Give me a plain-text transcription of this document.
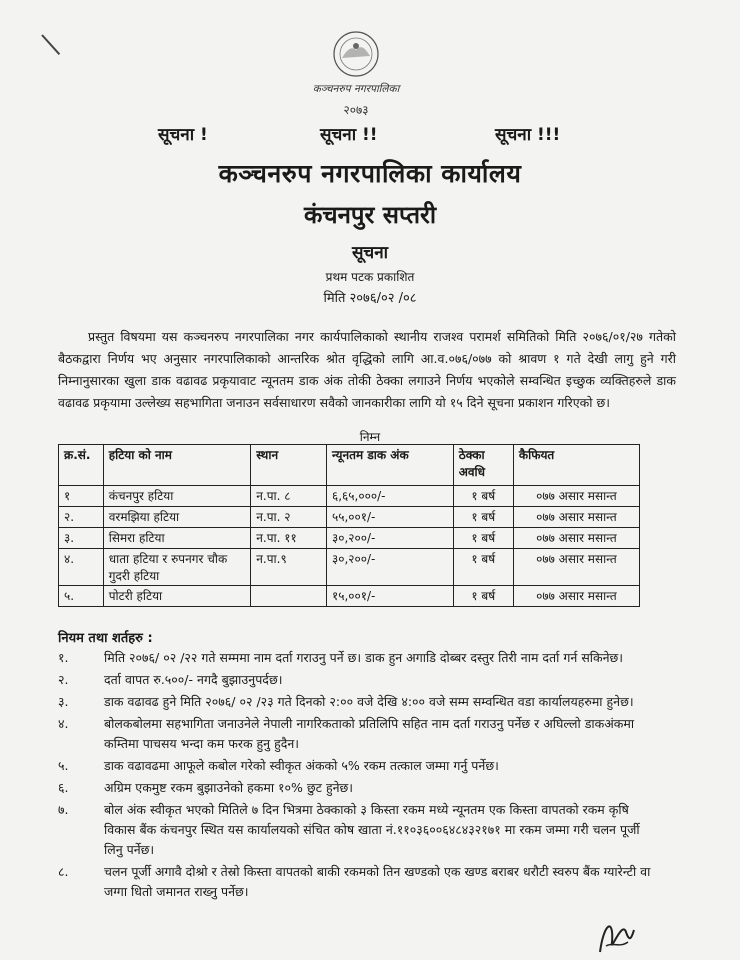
कञ्चनरुप नगरपालिका
२०७३
सूचना !	सूचना !!	सूचना !!!
कञ्चनरुप नगरपालिका कार्यालय
कंचनपुर सप्तरी
सूचना
प्रथम पटक प्रकाशित
मिति २०७६/०२ /०८
प्रस्तुत विषयमा यस कञ्चनरुप नगरपालिका नगर कार्यपालिकाको स्थानीय राजश्व परामर्श समितिको मिति २०७६/०१/२७ गतेको बैठकद्वारा निर्णय भए अनुसार नगरपालिकाको आन्तरिक श्रोत वृद्धिको लागि आ.व.०७६/०७७ को श्रावण १ गते देखी लागु हुने गरी निम्नानुसारका खुला डाक वढावढ प्रकृयावाट न्यूनतम डाक अंक तोकी ठेक्का लगाउने निर्णय भएकोले सम्वन्धित इच्छुक व्यक्तिहरुले डाक वढावढ प्रकृयामा उल्लेख्य सहभागिता जनाउन सर्वसाधारण सवैको जानकारीका लागि यो १५ दिने सूचना प्रकाशन गरिएको छ।
निम्न
क्र.सं.	हटिया को नाम	स्थान	न्यूनतम डाक अंक	ठेक्का अवधि	कैफियत
१	कंचनपुर हटिया	न.पा. ८	६,६५,०००/-	१ बर्ष	०७७ असार मसान्त
२.	वरमझिया हटिया	न.पा. २	५५,००१/-	१ बर्ष	०७७ असार मसान्त
३.	सिमरा हटिया	न.पा. ११	३०,२००/-	१ बर्ष	०७७ असार मसान्त
४.	धाता हटिया र रुपनगर चौक गुदरी हटिया	न.पा.९	३०,२००/-	१ बर्ष	०७७ असार मसान्त
५.	पोटरी हटिया		१५,००१/-	१ बर्ष	०७७ असार मसान्त
नियम तथा शर्तहरु :
१.	मिति २०७६/ ०२ /२२ गते सम्ममा नाम दर्ता गराउनु पर्ने छ। डाक हुन अगाडि दोब्बर दस्तुर तिरी नाम दर्ता गर्न सकिनेछ।
२.	दर्ता वापत रु.५००/- नगदै बुझाउनुपर्दछ।
३.	डाक वढावढ हुने मिति २०७६/ ०२ /२३ गते दिनको २:०० वजे देखि ४:०० वजे सम्म सम्वन्धित वडा कार्यालयहरुमा हुनेछ।
४.	बोलकबोलमा सहभागिता जनाउनेले नेपाली नागरिकताको प्रतिलिपि सहित नाम दर्ता गराउनु पर्नेछ र अघिल्लो डाकअंकमा कम्तिमा पाचसय भन्दा कम फरक हुनु हुदैन।
५.	डाक वढावढमा आफूले कबोल गरेको स्वीकृत अंकको ५% रकम तत्काल जम्मा गर्नु पर्नेछ।
६.	अग्रिम एकमुष्ट रकम बुझाउनेको हकमा १०% छुट हुनेछ।
७.	बोल अंक स्वीकृत भएको मितिले ७ दिन भित्रमा ठेक्काको ३ किस्ता रकम मध्ये न्यूनतम एक किस्ता वापतको रकम कृषि विकास बैंक कंचनपुर स्थित यस कार्यालयको संचित कोष खाता नं.११०३६००६४८४३२१७१ मा रकम जम्मा गरी चलन पूर्जी लिनु पर्नेछ।
८.	चलन पूर्जी अगावै दोश्रो र तेस्रो किस्ता वापतको बाकी रकमको तिन खण्डको एक खण्ड बराबर धरौटी स्वरुप बैंक ग्यारेन्टी वा जग्गा धितो जमानत राख्नु पर्नेछ।
